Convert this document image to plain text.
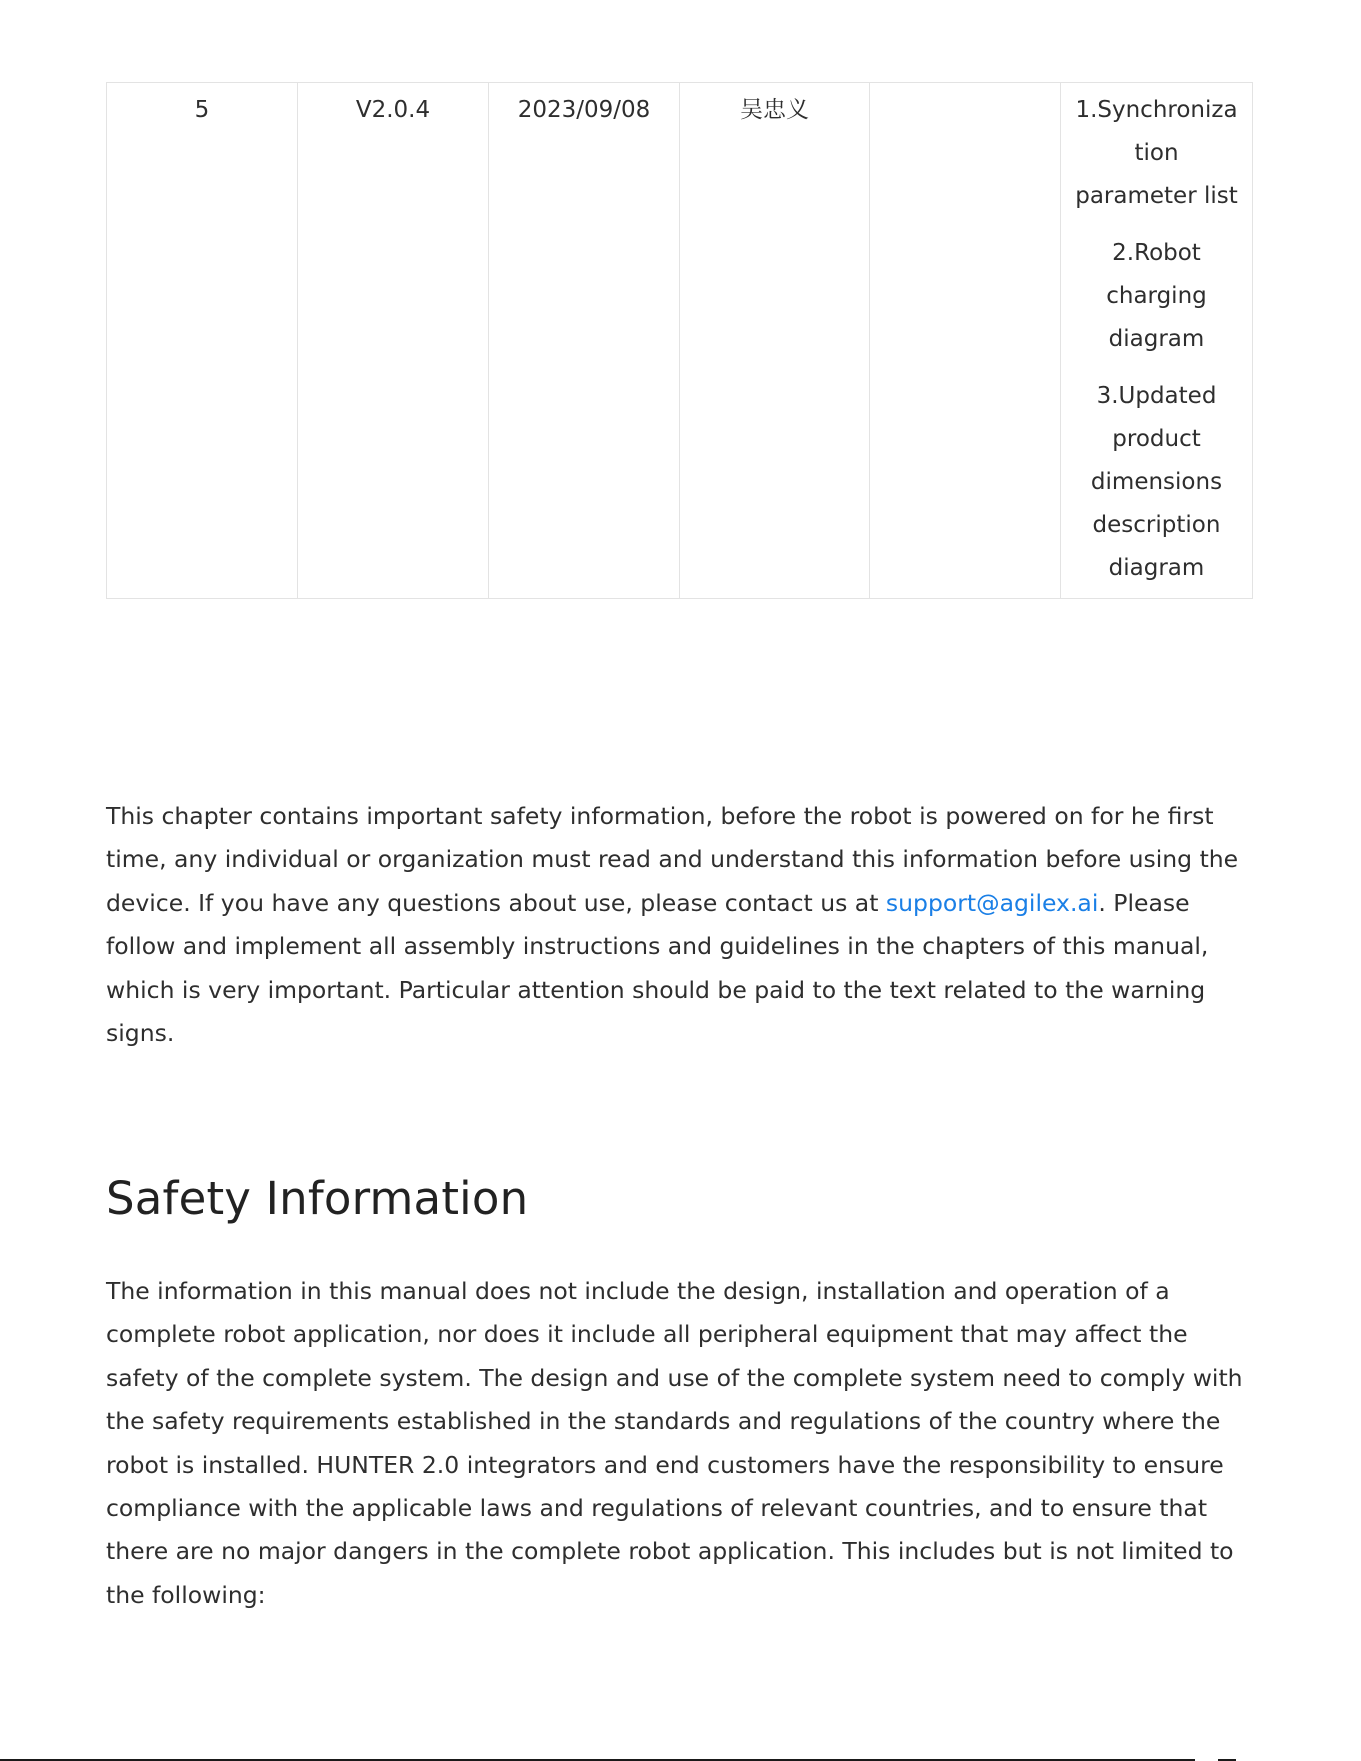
5	V2.0.4	2023/09/08	吴忠义		1.Synchronization parameter list
2.Robot charging diagram
3.Updated product dimensions description diagram

This chapter contains important safety information, before the robot is powered on for he first time, any individual or organization must read and understand this information before using the device. If you have any questions about use, please contact us at support@agilex.ai. Please follow and implement all assembly instructions and guidelines in the chapters of this manual, which is very important. Particular attention should be paid to the text related to the warning signs.

Safety Information

The information in this manual does not include the design, installation and operation of a complete robot application, nor does it include all peripheral equipment that may affect the safety of the complete system. The design and use of the complete system need to comply with the safety requirements established in the standards and regulations of the country where the robot is installed. HUNTER 2.0 integrators and end customers have the responsibility to ensure compliance with the applicable laws and regulations of relevant countries, and to ensure that there are no major dangers in the complete robot application. This includes but is not limited to the following:
